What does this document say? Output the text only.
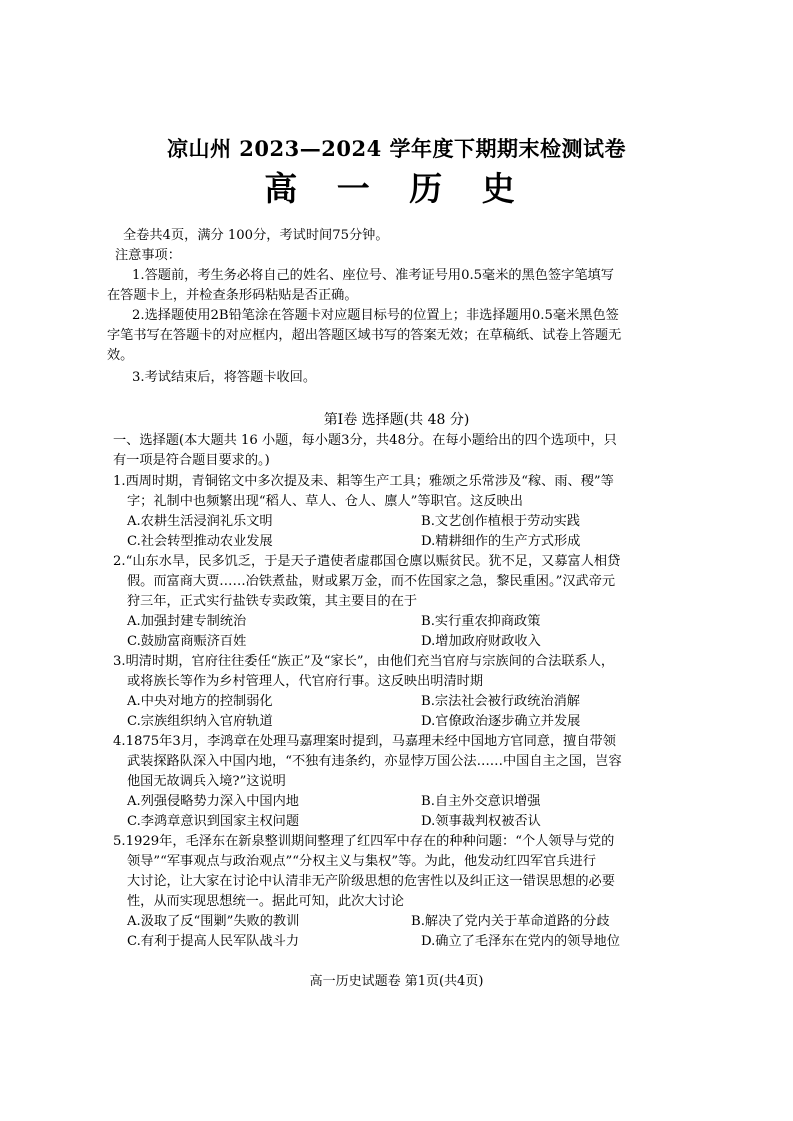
凉山州 2023—2024 学年度下期期末检测试卷
高 一 历 史
全卷共4页，满分 100分，考试时间75分钟。
注意事项：
1.答题前，考生务必将自己的姓名、座位号、准考证号用0.5毫米的黑色签字笔填写
在答题卡上，并检查条形码粘贴是否正确。
2.选择题使用2B铅笔涂在答题卡对应题目标号的位置上；非选择题用0.5毫米黑色签
字笔书写在答题卡的对应框内，超出答题区域书写的答案无效；在草稿纸、试卷上答题无
效。
3.考试结束后，将答题卡收回。
第Ⅰ卷 选择题(共 48 分)
一、选择题(本大题共 16 小题，每小题3分，共48分。在每小题给出的四个选项中，只
有一项是符合题目要求的。)
1.西周时期，青铜铭文中多次提及耒、耜等生产工具；雅颂之乐常涉及“稼、雨、稷”等
字；礼制中也频繁出现“稻人、草人、仓人、廪人”等职官。这反映出
A.农耕生活浸润礼乐文明	B.文艺创作植根于劳动实践
C.社会转型推动农业发展	D.精耕细作的生产方式形成
2.“山东水旱，民多饥乏，于是天子遣使者虚郡国仓廪以赈贫民。犹不足，又募富人相贷
假。而富商大贾……冶铁煮盐，财或累万金，而不佐国家之急，黎民重困。”汉武帝元
狩三年，正式实行盐铁专卖政策，其主要目的在于
A.加强封建专制统治	B.实行重农抑商政策
C.鼓励富商赈济百姓	D.增加政府财政收入
3.明清时期，官府往往委任“族正”及“家长”，由他们充当官府与宗族间的合法联系人，
或将族长等作为乡村管理人，代官府行事。这反映出明清时期
A.中央对地方的控制弱化	B.宗法社会被行政统治消解
C.宗族组织纳入官府轨道	D.官僚政治逐步确立并发展
4.1875年3月，李鸿章在处理马嘉理案时提到，马嘉理未经中国地方官同意，擅自带领
武装探路队深入中国内地，“不独有违条约，亦显悖万国公法……中国自主之国，岂容
他国无故调兵入境?”这说明
A.列强侵略势力深入中国内地	B.自主外交意识增强
C.李鸿章意识到国家主权问题	D.领事裁判权被否认
5.1929年，毛泽东在新泉整训期间整理了红四军中存在的种种问题：“个人领导与党的
领导”“军事观点与政治观点”“分权主义与集权”等。为此，他发动红四军官兵进行
大讨论，让大家在讨论中认清非无产阶级思想的危害性以及纠正这一错误思想的必要
性，从而实现思想统一。据此可知，此次大讨论
A.汲取了反“围剿”失败的教训	B.解决了党内关于革命道路的分歧
C.有利于提高人民军队战斗力	D.确立了毛泽东在党内的领导地位
高一历史试题卷 第1页(共4页)
